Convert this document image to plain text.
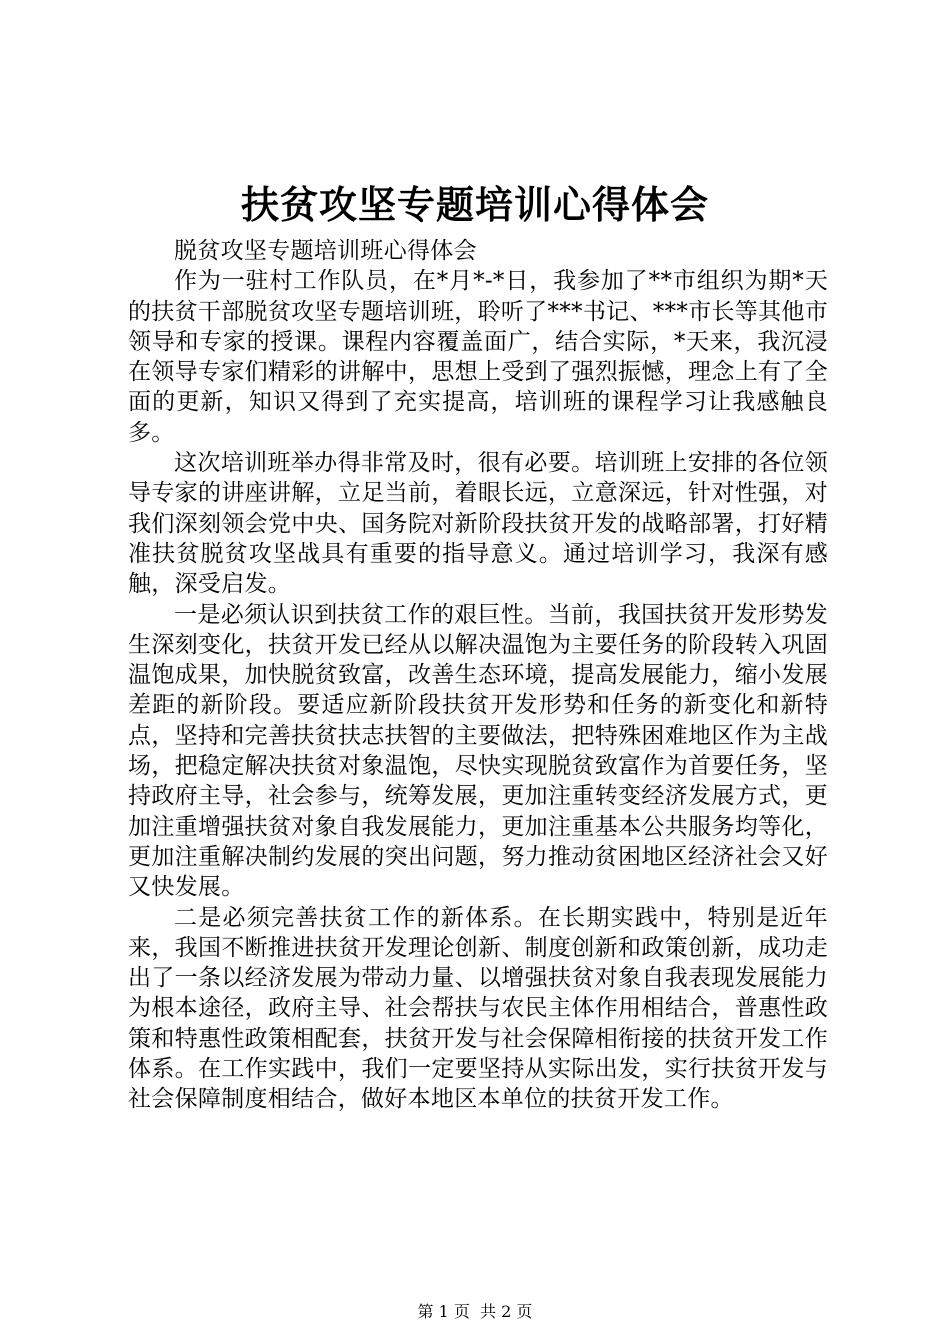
扶贫攻坚专题培训心得体会

脱贫攻坚专题培训班心得体会

作为一驻村工作队员，在*月*-*日，我参加了**市组织为期*天的扶贫干部脱贫攻坚专题培训班，聆听了***书记、***市长等其他市领导和专家的授课。课程内容覆盖面广，结合实际，*天来，我沉浸在领导专家们精彩的讲解中，思想上受到了强烈振憾，理念上有了全面的更新，知识又得到了充实提高，培训班的课程学习让我感触良多。

这次培训班举办得非常及时，很有必要。培训班上安排的各位领导专家的讲座讲解，立足当前，着眼长远，立意深远，针对性强，对我们深刻领会党中央、国务院对新阶段扶贫开发的战略部署，打好精准扶贫脱贫攻坚战具有重要的指导意义。通过培训学习，我深有感触，深受启发。

一是必须认识到扶贫工作的艰巨性。当前，我国扶贫开发形势发生深刻变化，扶贫开发已经从以解决温饱为主要任务的阶段转入巩固温饱成果，加快脱贫致富，改善生态环境，提高发展能力，缩小发展差距的新阶段。要适应新阶段扶贫开发形势和任务的新变化和新特点，坚持和完善扶贫扶志扶智的主要做法，把特殊困难地区作为主战场，把稳定解决扶贫对象温饱，尽快实现脱贫致富作为首要任务，坚持政府主导，社会参与，统筹发展，更加注重转变经济发展方式，更加注重增强扶贫对象自我发展能力，更加注重基本公共服务均等化，更加注重解决制约发展的突出问题，努力推动贫困地区经济社会又好又快发展。

二是必须完善扶贫工作的新体系。在长期实践中，特别是近年来，我国不断推进扶贫开发理论创新、制度创新和政策创新，成功走出了一条以经济发展为带动力量、以增强扶贫对象自我表现发展能力为根本途径，政府主导、社会帮扶与农民主体作用相结合，普惠性政策和特惠性政策相配套，扶贫开发与社会保障相衔接的扶贫开发工作体系。在工作实践中，我们一定要坚持从实际出发，实行扶贫开发与社会保障制度相结合，做好本地区本单位的扶贫开发工作。

第 1 页 共 2 页
